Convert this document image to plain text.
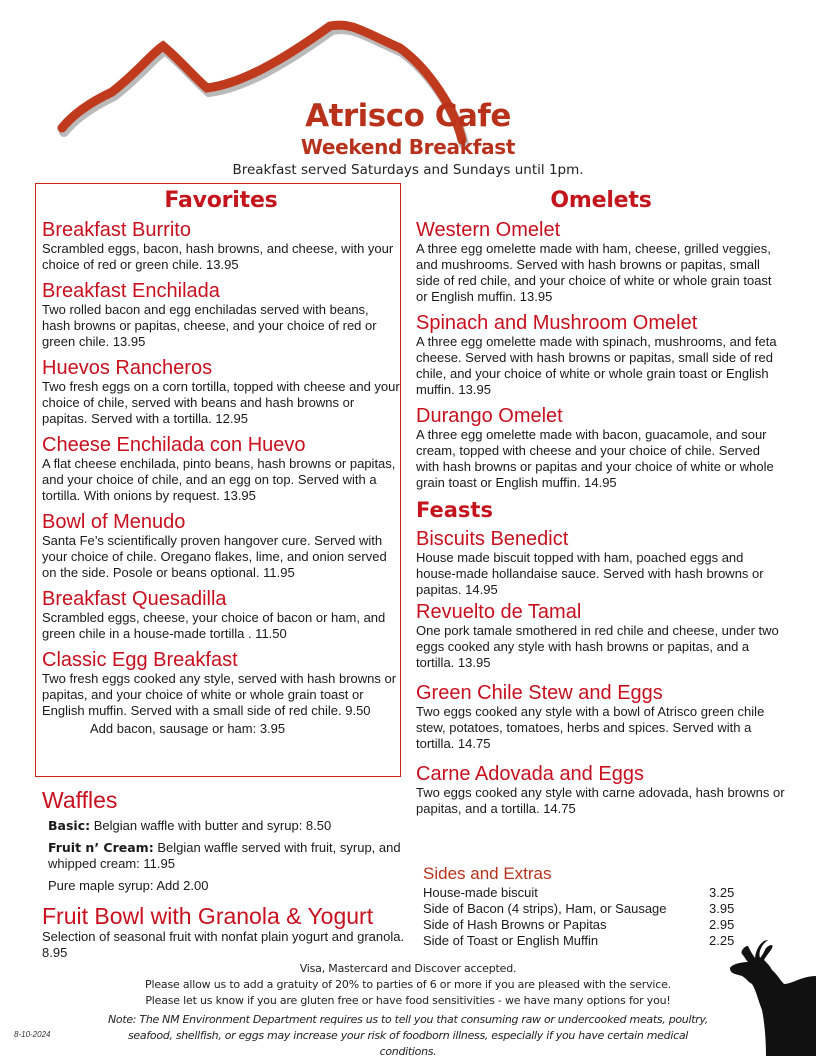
Atrisco Cafe
Weekend Breakfast
Breakfast served Saturdays and Sundays until 1pm.
Favorites

Breakfast Burrito

Scrambled eggs, bacon, hash browns, and cheese, with your choice of red or green chile. 13.95

Breakfast Enchilada

Two rolled bacon and egg enchiladas served with beans, hash browns or papitas, cheese, and your choice of red or green chile. 13.95

Huevos Rancheros

Two fresh eggs on a corn tortilla, topped with cheese and your choice of chile, served with beans and hash browns or papitas. Served with a tortilla. 12.95

Cheese Enchilada con Huevo

A flat cheese enchilada, pinto beans, hash browns or papitas, and your choice of chile, and an egg on top. Served with a tortilla. With onions by request. 13.95

Bowl of Menudo

Santa Fe’s scientifically proven hangover cure. Served with your choice of chile. Oregano flakes, lime, and onion served on the side. Posole or beans optional. 11.95

Breakfast Quesadilla

Scrambled eggs, cheese, your choice of bacon or ham, and green chile in a house-made tortilla . 11.50

Classic Egg Breakfast

Two fresh eggs cooked any style, served with hash browns or papitas, and your choice of white or whole grain toast or English muffin. Served with a small side of red chile. 9.50

Add bacon, sausage or ham: 3.95

Waffles

Basic: Belgian waffle with butter and syrup: 8.50

Fruit n’ Cream: Belgian waffle served with fruit, syrup, and whipped cream: 11.95

Pure maple syrup: Add 2.00

Fruit Bowl with Granola & Yogurt

Selection of seasonal fruit with nonfat plain yogurt and granola. 8.95

Omelets

Western Omelet

A three egg omelette made with ham, cheese, grilled veggies, and mushrooms. Served with hash browns or papitas, small side of red chile, and your choice of white or whole grain toast or English muffin. 13.95

Spinach and Mushroom Omelet

A three egg omelette made with spinach, mushrooms, and feta cheese. Served with hash browns or papitas, small side of red chile, and your choice of white or whole grain toast or English muffin. 13.95

Durango Omelet

A three egg omelette made with bacon, guacamole, and sour cream, topped with cheese and your choice of chile. Served with hash browns or papitas and your choice of white or whole grain toast or English muffin. 14.95

Feasts

Biscuits Benedict

House made biscuit topped with ham, poached eggs and house-made hollandaise sauce. Served with hash browns or papitas. 14.95

Revuelto de Tamal

One pork tamale smothered in red chile and cheese, under two eggs cooked any style with hash browns or papitas, and a tortilla. 13.95

Green Chile Stew and Eggs

Two eggs cooked any style with a bowl of Atrisco green chile stew, potatoes, tomatoes, herbs and spices. Served with a tortilla. 14.75

Carne Adovada and Eggs

Two eggs cooked any style with carne adovada, hash browns or papitas, and a tortilla. 14.75

Sides and Extras
House-made biscuit	3.25
Side of Bacon (4 strips), Ham, or Sausage	3.95
Side of Hash Browns or Papitas	2.95
Side of Toast or English Muffin	2.25
Visa, Mastercard and Discover accepted.
Please allow us to add a gratuity of 20% to parties of 6 or more if you are pleased with the service.
Please let us know if you are gluten free or have food sensitivities - we have many options for you!
Note: The NM Environment Department requires us to tell you that consuming raw or undercooked meats, poultry, seafood, shellfish, or eggs may increase your risk of foodborn illness, especially if you have certain medical conditions.
8-10-2024
